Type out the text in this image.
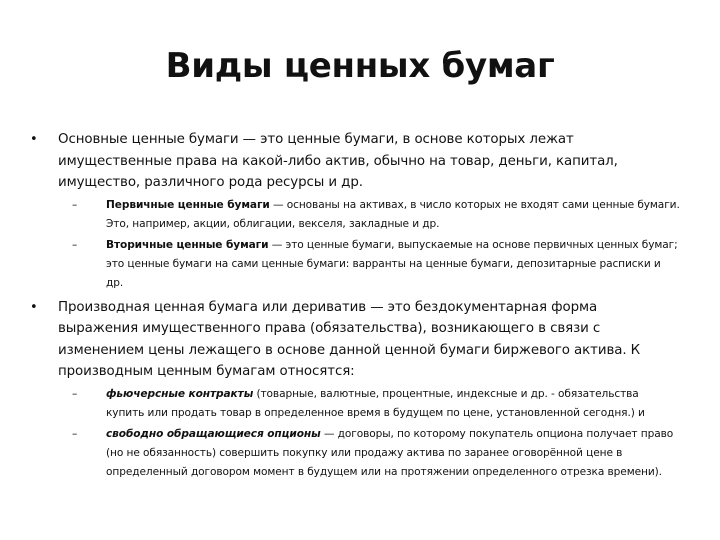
Виды ценных бумаг
• Основные ценные бумаги — это ценные бумаги, в основе которых лежат имущественные права на какой-либо актив, обычно на товар, деньги, капитал, имущество, различного рода ресурсы и др.
–	Первичные ценные бумаги — основаны на активах, в число которых не входят сами ценные бумаги. Это, например, акции, облигации, векселя, закладные и др.
–	Вторичные ценные бумаги — это ценные бумаги, выпускаемые на основе первичных ценных бумаг; это ценные бумаги на сами ценные бумаги: варранты на ценные бумаги, депозитарные расписки и др.
• Производная ценная бумага или дериватив — это бездокументарная форма выражения имущественного права (обязательства), возникающего в связи с изменением цены лежащего в основе данной ценной бумаги биржевого актива. К производным ценным бумагам относятся:
–	фьючерсные контракты (товарные, валютные, процентные, индексные и др. - обязательства купить или продать товар в определенное время в будущем по цене, установленной сегодня.) и
–	свободно обращающиеся опционы — договоры, по которому покупатель опциона получает право (но не обязанность) совершить покупку или продажу актива по заранее оговорённой цене в определенный договором момент в будущем или на протяжении определенного отрезка времени).
